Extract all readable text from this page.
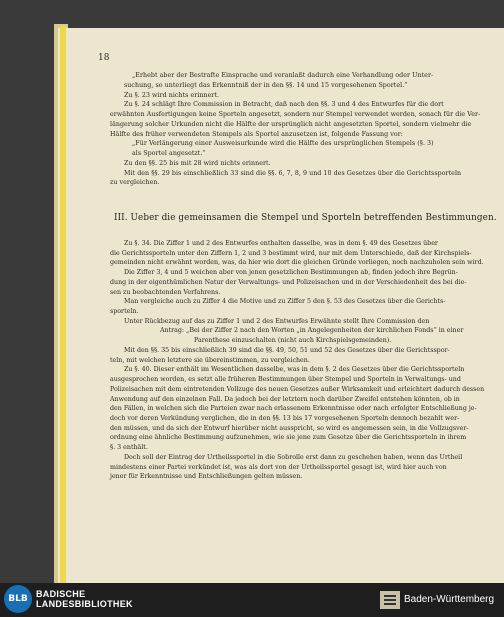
18

„Erhebt aber der Bestrafte Einsprache und veranlaßt dadurch eine Verhandlung oder Unter-

suchung, so unterliegt das Erkenntniß der in den §§. 14 und 15 vorgesehenen Sportel.“

Zu §. 23 wird nichts erinnert.

Zu §. 24 schlägt Ihre Commission in Betracht, daß nach den §§. 3 und 4 des Entwurfes für die dort

erwähnten Ausfertigungen keine Sporteln angesetzt, sondern nur Stempel verwendet werden, sonach für die Ver-

längerung solcher Urkunden nicht die Hälfte der ursprünglich nicht angesetzten Sportel, sondern vielmehr die

Hälfte des früher verwendeten Stempels als Sportel anzusetzen ist, folgende Fassung vor:

„Für Verlängerung einer Ausweisurkunde wird die Hälfte des ursprünglichen Stempels (§. 3)

als Sportel angesetzt.“

Zu den §§. 25 bis mit 28 wird nichts erinnert.

Mit den §§. 29 bis einschließlich 33 sind die §§. 6, 7, 8, 9 und 10 des Gesetzes über die Gerichtssporteln

zu vergleichen.

III. Ueber die gemeinsamen die Stempel und Sporteln betreffenden Bestimmungen.

Zu §. 34. Die Ziffer 1 und 2 des Entwurfes enthalten dasselbe, was in dem §. 49 des Gesetzes über

die Gerichtssporteln unter den Ziffern 1, 2 und 3 bestimmt wird, nur mit dem Unterschiede, daß der Kirchspiels-

gemeinden nicht erwähnt worden, was, da hier wie dort die gleichen Gründe vorliegen, noch nachzuholen sein wird.

Die Ziffer 3, 4 und 5 weichen aber von jenen gesetzlichen Bestimmungen ab, finden jedoch ihre Begrün-

dung in der eigenthümlichen Natur der Verwaltungs- und Polizeisachen und in der Verschiedenheit des bei die-

sen zu beobachtenden Verfahrens.

Man vergleiche auch zu Ziffer 4 die Motive und zu Ziffer 5 den §. 53 des Gesetzes über die Gerichts-

sporteln.

Unter Rückbezug auf das zu Ziffer 1 und 2 des Entwurfes Erwähnte stellt Ihre Commission den

Antrag: „Bei der Ziffer 2 nach den Worten „in Angelegenheiten der kirchlichen Fonds“ in einer

Parenthese einzuschalten (nicht auch Kirchspielsgemeinden).

Mit den §§. 35 bis einschließlich 39 sind die §§. 49, 50, 51 und 52 des Gesetzes über die Gerichtsspor-

teln, mit welchen letztere sie übereinstimmen, zu vergleichen.

Zu §. 40. Dieser enthält im Wesentlichen dasselbe, was in dem §. 2 des Gesetzes über die Gerichtssporteln

ausgesprochen worden, es setzt alle früheren Bestimmungen über Stempel und Sporteln in Verwaltungs- und

Polizeisachen mit dem eintretenden Vollzuge des neuen Gesetzes außer Wirksamkeit und erleichtert dadurch dessen

Anwendung auf den einzelnen Fall. Da jedoch bei der letztern noch darüber Zweifel entstehen könnten, ob in

den Fällen, in welchen sich die Parteien zwar nach erlassenem Erkenntnisse oder nach erfolgter Entschließung je-

doch vor deren Verkündung verglichen, die in den §§. 13 bis 17 vorgesehenen Sporteln dennoch bezahlt wer-

den müssen, und da sich der Entwurf hierüber nicht ausspricht, so wird es angemessen sein, in die Vollzugsver-

ordnung eine ähnliche Bestimmung aufzunehmen, wie sie jene zum Gesetze über die Gerichtssporteln in ihrem

§. 3 enthält.

Doch soll der Eintrag der Urtheilssportel in die Sobrolle erst dann zu geschehen haben, wenn das Urtheil

mindestens einer Partei verkündet ist, was als dort von der Urtheilssportel gesagt ist, wird hier auch von

jener für Erkenntnisse und Entschließungen gelten müssen.

BLB BADISCHE
LANDESBIBLIOTHEK	Baden-Württemberg
